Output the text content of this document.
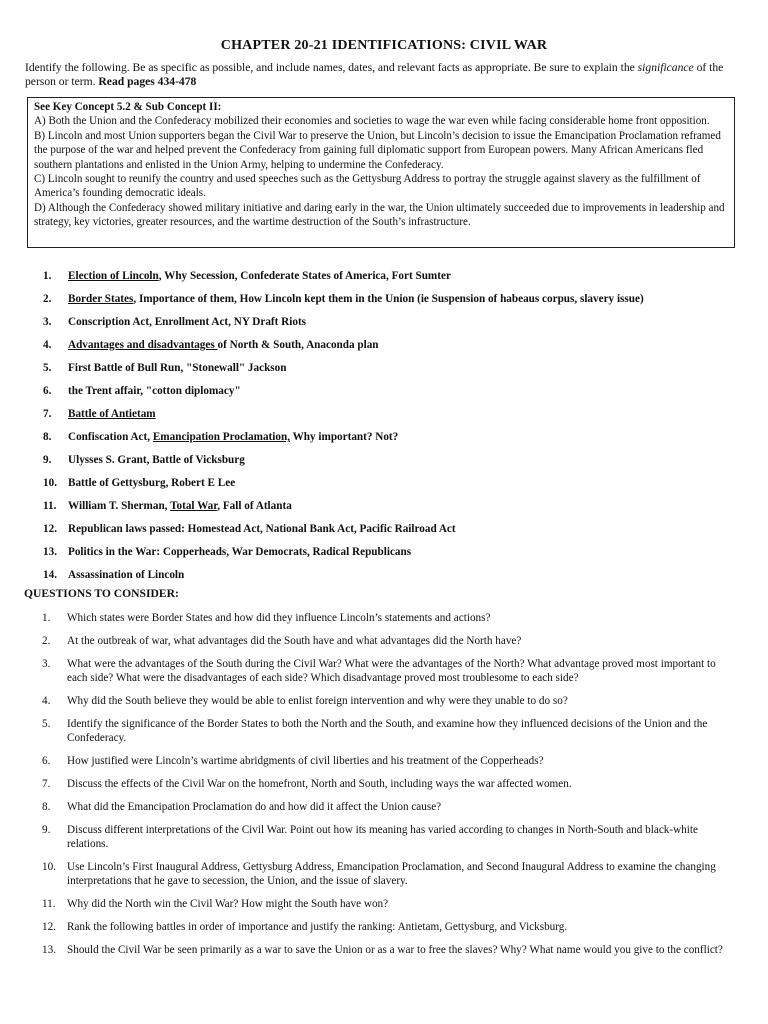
CHAPTER 20-21 IDENTIFICATIONS: CIVIL WAR
Identify the following. Be as specific as possible, and include names, dates, and relevant facts as appropriate. Be sure to explain the significance of the person or term. Read pages 434-478

See Key Concept 5.2 & Sub Concept II:

A) Both the Union and the Confederacy mobilized their economies and societies to wage the war even while facing considerable home front opposition.

B) Lincoln and most Union supporters began the Civil War to preserve the Union, but Lincoln’s decision to issue the Emancipation Proclamation reframed the purpose of the war and helped prevent the Confederacy from gaining full diplomatic support from European powers. Many African Americans fled southern plantations and enlisted in the Union Army, helping to undermine the Confederacy.

C) Lincoln sought to reunify the country and used speeches such as the Gettysburg Address to portray the struggle against slavery as the fulfillment of America’s founding democratic ideals.

D) Although the Confederacy showed military initiative and daring early in the war, the Union ultimately succeeded due to improvements in leadership and strategy, key victories, greater resources, and the wartime destruction of the South’s infrastructure.

1.	Election of Lincoln, Why Secession, Confederate States of America, Fort Sumter
2.	Border States, Importance of them, How Lincoln kept them in the Union (ie Suspension of habeaus corpus, slavery issue)
3.	Conscription Act, Enrollment Act, NY Draft Riots
4.	Advantages and disadvantages of North & South, Anaconda plan
5.	First Battle of Bull Run, "Stonewall" Jackson
6.	the Trent affair, "cotton diplomacy"
7.	Battle of Antietam
8.	Confiscation Act, Emancipation Proclamation, Why important? Not?
9.	Ulysses S. Grant, Battle of Vicksburg
10. Battle of Gettysburg, Robert E Lee
11.	William T. Sherman, Total War, Fall of Atlanta
12. Republican laws passed: Homestead Act, National Bank Act, Pacific Railroad Act
13. Politics in the War: Copperheads, War Democrats, Radical Republicans
14. Assassination of Lincoln
QUESTIONS TO CONSIDER:
1.	Which states were Border States and how did they influence Lincoln’s statements and actions?
2.	At the outbreak of war, what advantages did the South have and what advantages did the North have?
3.	What were the advantages of the South during the Civil War? What were the advantages of the North? What advantage proved most important to each side? What were the disadvantages of each side? Which disadvantage proved most troublesome to each side?
4.	Why did the South believe they would be able to enlist foreign intervention and why were they unable to do so?
5.	Identify the significance of the Border States to both the North and the South, and examine how they influenced decisions of the Union and the Confederacy.
6.	How justified were Lincoln’s wartime abridgments of civil liberties and his treatment of the Copperheads?
7.	Discuss the effects of the Civil War on the homefront, North and South, including ways the war affected women.
8.	What did the Emancipation Proclamation do and how did it affect the Union cause?
9.	Discuss different interpretations of the Civil War. Point out how its meaning has varied according to changes in North-South and black-white relations.
10. Use Lincoln’s First Inaugural Address, Gettysburg Address, Emancipation Proclamation, and Second Inaugural Address to examine the changing interpretations that he gave to secession, the Union, and the issue of slavery.
11.	Why did the North win the Civil War? How might the South have won?
12. Rank the following battles in order of importance and justify the ranking: Antietam, Gettysburg, and Vicksburg.
13. Should the Civil War be seen primarily as a war to save the Union or as a war to free the slaves? Why? What name would you give to the conflict?
